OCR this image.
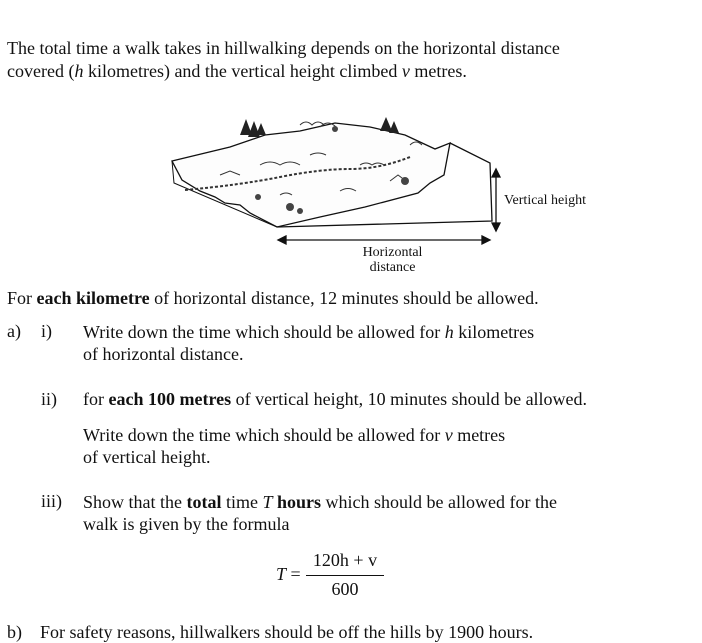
The total time a walk takes in hillwalking depends on the horizontal distance
covered (h kilometres) and the vertical height climbed v metres.
Vertical height
Horizontal
distance
For each kilometre of horizontal distance, 12 minutes should be allowed.
a) i) Write down the time which should be allowed for h kilometres
of horizontal distance.
ii) for each 100 metres of vertical height, 10 minutes should be allowed.
Write down the time which should be allowed for v metres
of vertical height.
iii) Show that the total time T hours which should be allowed for the
walk is given by the formula
T =
120h + v
600
b) For safety reasons, hillwalkers should be off the hills by 1900 hours.
